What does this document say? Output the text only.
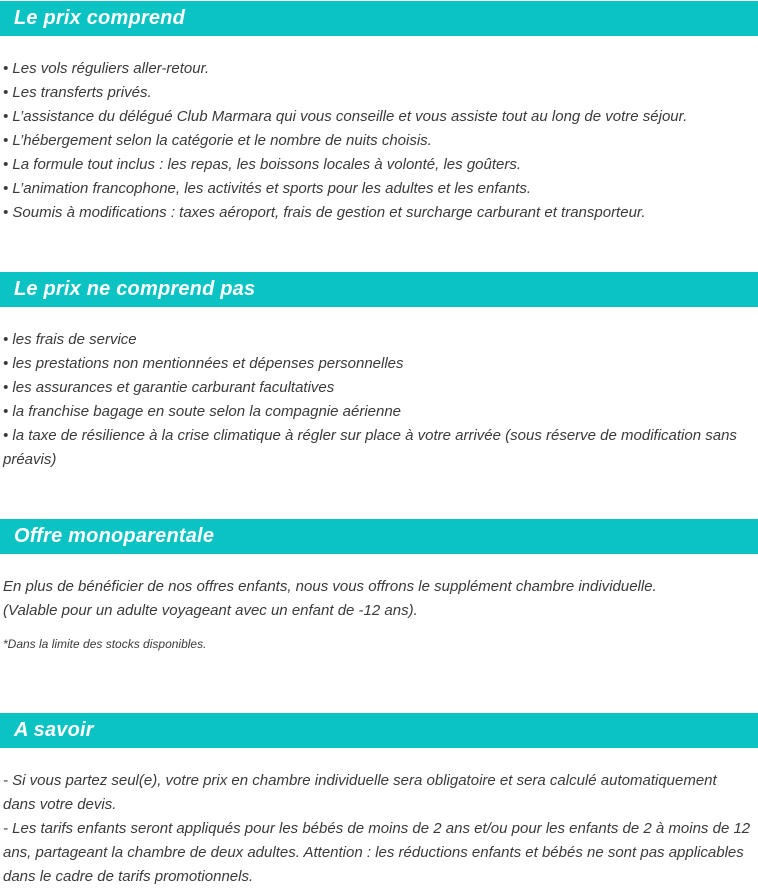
Le prix comprend

• Les vols réguliers aller-retour.

• Les transferts privés.

• L’assistance du délégué Club Marmara qui vous conseille et vous assiste tout au long de votre séjour.

• L’hébergement selon la catégorie et le nombre de nuits choisis.

• La formule tout inclus : les repas, les boissons locales à volonté, les goûters.

• L’animation francophone, les activités et sports pour les adultes et les enfants.

• Soumis à modifications : taxes aéroport, frais de gestion et surcharge carburant et transporteur.

Le prix ne comprend pas

• les frais de service

• les prestations non mentionnées et dépenses personnelles

• les assurances et garantie carburant facultatives

• la franchise bagage en soute selon la compagnie aérienne

• la taxe de résilience à la crise climatique à régler sur place à votre arrivée (sous réserve de modification sans préavis)

Offre monoparentale

En plus de bénéficier de nos offres enfants, nous vous offrons le supplément chambre individuelle.

(Valable pour un adulte voyageant avec un enfant de -12 ans).

*Dans la limite des stocks disponibles.

A savoir

- Si vous partez seul(e), votre prix en chambre individuelle sera obligatoire et sera calculé automatiquement dans votre devis.

- Les tarifs enfants seront appliqués pour les bébés de moins de 2 ans et/ou pour les enfants de 2 à moins de 12 ans, partageant la chambre de deux adultes. Attention : les réductions enfants et bébés ne sont pas applicables dans le cadre de tarifs promotionnels.
